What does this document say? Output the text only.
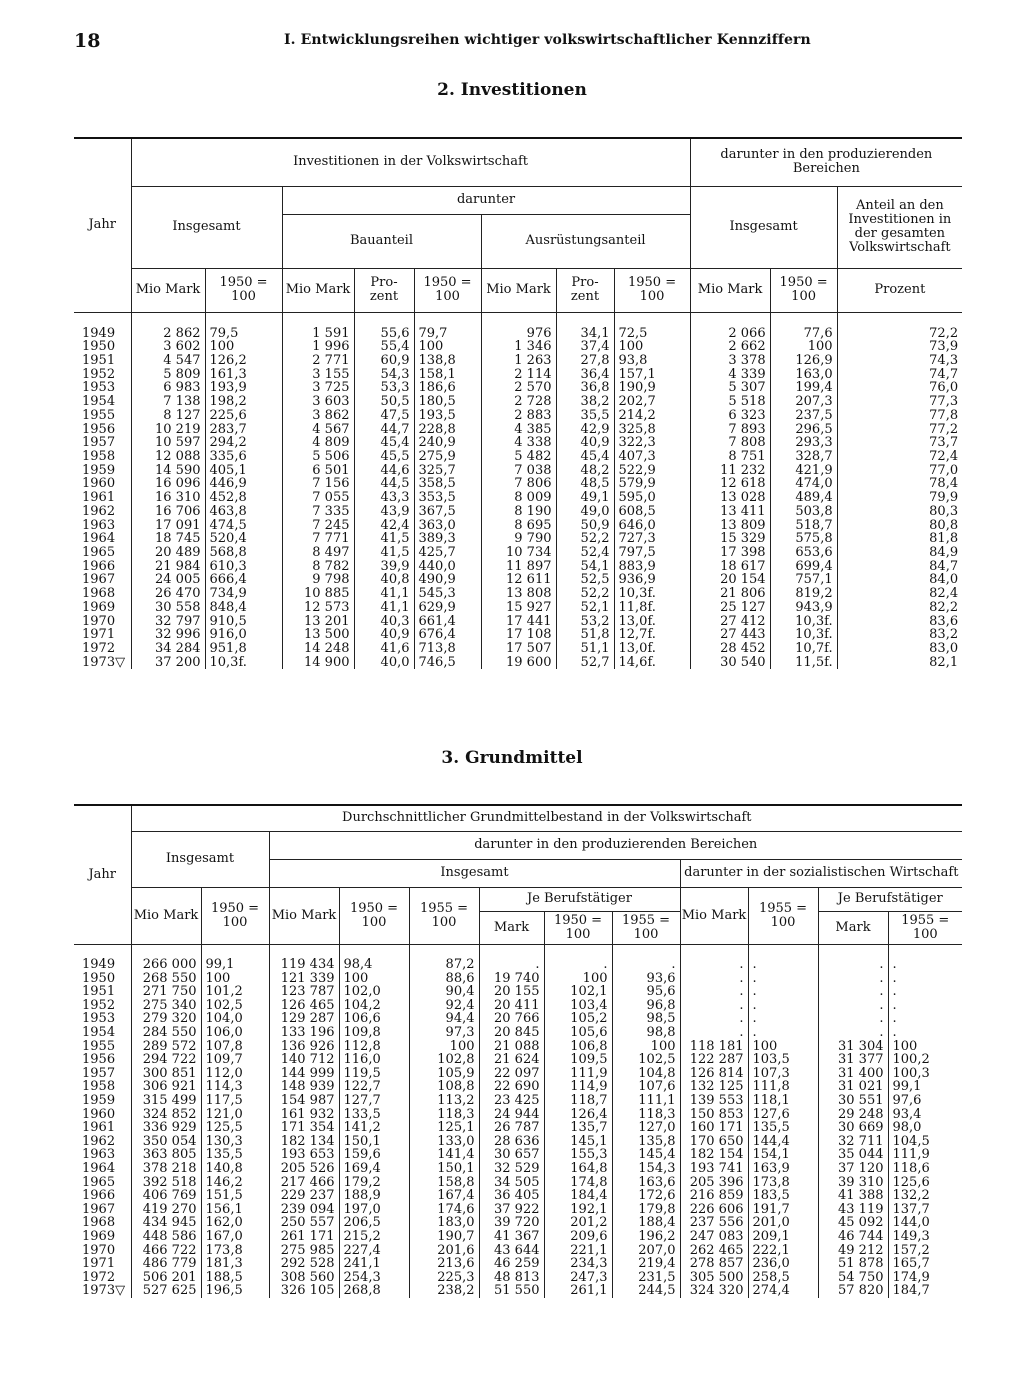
18	I. Entwicklungsreihen wichtiger volkswirtschaftlicher Kennziffern
2. Investitionen
Jahr	Investitionen in der Volkswirtschaft								darunter in den produzierenden Bereichen		
	Insgesamt		darunter						Insgesamt		Anteil an den Investitionen in der gesamten Volkswirtschaft
			Bauanteil			Ausrüstungsanteil					
	Mio Mark	1950 = 100	Mio Mark	Pro- zent	1950 = 100	Mio Mark	Pro- zent	1950 = 100	Mio Mark	1950 = 100	Prozent

1949	2 862	79,5	1 591	55,6	79,7	976	34,1	72,5	2 066	77,6	72,2
1950	3 602	100	1 996	55,4	100	1 346	37,4	100	2 662	100	73,9
1951	4 547	126,2	2 771	60,9	138,8	1 263	27,8	93,8	3 378	126,9	74,3
1952	5 809	161,3	3 155	54,3	158,1	2 114	36,4	157,1	4 339	163,0	74,7
1953	6 983	193,9	3 725	53,3	186,6	2 570	36,8	190,9	5 307	199,4	76,0
1954	7 138	198,2	3 603	50,5	180,5	2 728	38,2	202,7	5 518	207,3	77,3
1955	8 127	225,6	3 862	47,5	193,5	2 883	35,5	214,2	6 323	237,5	77,8
1956	10 219	283,7	4 567	44,7	228,8	4 385	42,9	325,8	7 893	296,5	77,2
1957	10 597	294,2	4 809	45,4	240,9	4 338	40,9	322,3	7 808	293,3	73,7
1958	12 088	335,6	5 506	45,5	275,9	5 482	45,4	407,3	8 751	328,7	72,4
1959	14 590	405,1	6 501	44,6	325,7	7 038	48,2	522,9	11 232	421,9	77,0
1960	16 096	446,9	7 156	44,5	358,5	7 806	48,5	579,9	12 618	474,0	78,4
1961	16 310	452,8	7 055	43,3	353,5	8 009	49,1	595,0	13 028	489,4	79,9
1962	16 706	463,8	7 335	43,9	367,5	8 190	49,0	608,5	13 411	503,8	80,3
1963	17 091	474,5	7 245	42,4	363,0	8 695	50,9	646,0	13 809	518,7	80,8
1964	18 745	520,4	7 771	41,5	389,3	9 790	52,2	727,3	15 329	575,8	81,8
1965	20 489	568,8	8 497	41,5	425,7	10 734	52,4	797,5	17 398	653,6	84,9
1966	21 984	610,3	8 782	39,9	440,0	11 897	54,1	883,9	18 617	699,4	84,7
1967	24 005	666,4	9 798	40,8	490,9	12 611	52,5	936,9	20 154	757,1	84,0
1968	26 470	734,9	10 885	41,1	545,3	13 808	52,2	10,3f.	21 806	819,2	82,4
1969	30 558	848,4	12 573	41,1	629,9	15 927	52,1	11,8f.	25 127	943,9	82,2
1970	32 797	910,5	13 201	40,3	661,4	17 441	53,2	13,0f.	27 412	10,3f.	83,6
1971	32 996	916,0	13 500	40,9	676,4	17 108	51,8	12,7f.	27 443	10,3f.	83,2
1972	34 284	951,8	14 248	41,6	713,8	17 507	51,1	13,0f.	28 452	10,7f.	83,0
1973▽	37 200	10,3f.	14 900	40,0	746,5	19 600	52,7	14,6f.	30 540	11,5f.	82,1
3. Grundmittel
Jahr	Durchschnittlicher Grundmittelbestand in der Volkswirtschaft											
	Insgesamt		darunter in den produzierenden Bereichen									
			Insgesamt						darunter in der sozialistischen Wirtschaft			
	Mio Mark	1950 = 100	Mio Mark	1950 = 100	1955 = 100	Je Berufstätiger			Mio Mark	1955 = 100	Je Berufstätiger	
						Mark	1950 = 100	1955 = 100			Mark	1955 = 100

1949	266 000	99,1	119 434	98,4	87,2	.	.	.	.	.	.	.
1950	268 550	100	121 339	100	88,6	19 740	100	93,6	.	.	.	.
1951	271 750	101,2	123 787	102,0	90,4	20 155	102,1	95,6	.	.	.	.
1952	275 340	102,5	126 465	104,2	92,4	20 411	103,4	96,8	.	.	.	.
1953	279 320	104,0	129 287	106,6	94,4	20 766	105,2	98,5	.	.	.	.
1954	284 550	106,0	133 196	109,8	97,3	20 845	105,6	98,8	.	.	.	.
1955	289 572	107,8	136 926	112,8	100	21 088	106,8	100	118 181	100	31 304	100
1956	294 722	109,7	140 712	116,0	102,8	21 624	109,5	102,5	122 287	103,5	31 377	100,2
1957	300 851	112,0	144 999	119,5	105,9	22 097	111,9	104,8	126 814	107,3	31 400	100,3
1958	306 921	114,3	148 939	122,7	108,8	22 690	114,9	107,6	132 125	111,8	31 021	99,1
1959	315 499	117,5	154 987	127,7	113,2	23 425	118,7	111,1	139 553	118,1	30 551	97,6
1960	324 852	121,0	161 932	133,5	118,3	24 944	126,4	118,3	150 853	127,6	29 248	93,4
1961	336 929	125,5	171 354	141,2	125,1	26 787	135,7	127,0	160 171	135,5	30 669	98,0
1962	350 054	130,3	182 134	150,1	133,0	28 636	145,1	135,8	170 650	144,4	32 711	104,5
1963	363 805	135,5	193 653	159,6	141,4	30 657	155,3	145,4	182 154	154,1	35 044	111,9
1964	378 218	140,8	205 526	169,4	150,1	32 529	164,8	154,3	193 741	163,9	37 120	118,6
1965	392 518	146,2	217 466	179,2	158,8	34 505	174,8	163,6	205 396	173,8	39 310	125,6
1966	406 769	151,5	229 237	188,9	167,4	36 405	184,4	172,6	216 859	183,5	41 388	132,2
1967	419 270	156,1	239 094	197,0	174,6	37 922	192,1	179,8	226 606	191,7	43 119	137,7
1968	434 945	162,0	250 557	206,5	183,0	39 720	201,2	188,4	237 556	201,0	45 092	144,0
1969	448 586	167,0	261 171	215,2	190,7	41 367	209,6	196,2	247 083	209,1	46 744	149,3
1970	466 722	173,8	275 985	227,4	201,6	43 644	221,1	207,0	262 465	222,1	49 212	157,2
1971	486 779	181,3	292 528	241,1	213,6	46 259	234,3	219,4	278 857	236,0	51 878	165,7
1972	506 201	188,5	308 560	254,3	225,3	48 813	247,3	231,5	305 500	258,5	54 750	174,9
1973▽	527 625	196,5	326 105	268,8	238,2	51 550	261,1	244,5	324 320	274,4	57 820	184,7
